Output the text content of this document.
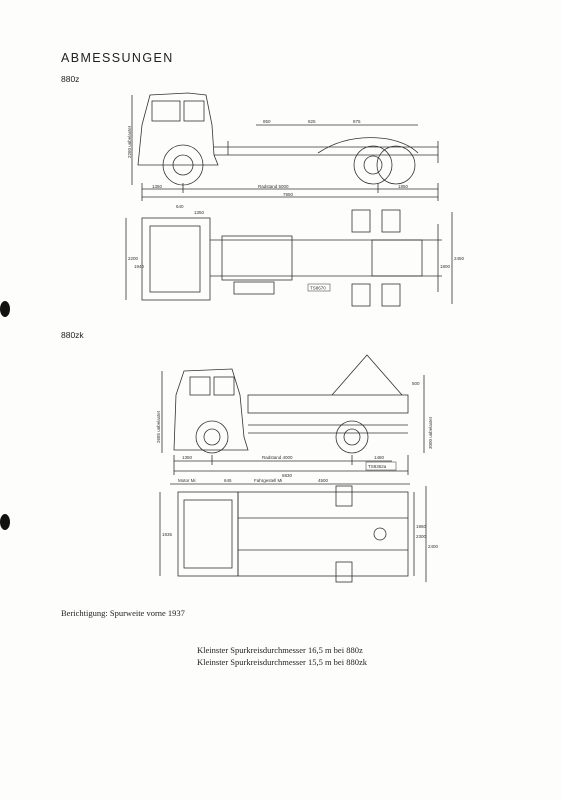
ABMESSUNGEN
880z
880zk
1350	Radstand 5000	1850
7950
850	825	875
2260 unbelastet
640
1350
2200
1940
2450
1800
TS8670
1350	Radstand 4000	1480
6830
2685 unbelastet
500
3000 unbelastet
TS8362a
Motor Mi	645	Fahrgestell Mi	4500
1935
1950
2300
2400
Berichtigung: Spurweite vorne 1937
Kleinster Spurkreisdurchmesser 16,5 m bei 880z
Kleinster Spurkreisdurchmesser 15,5 m bei 880zk
